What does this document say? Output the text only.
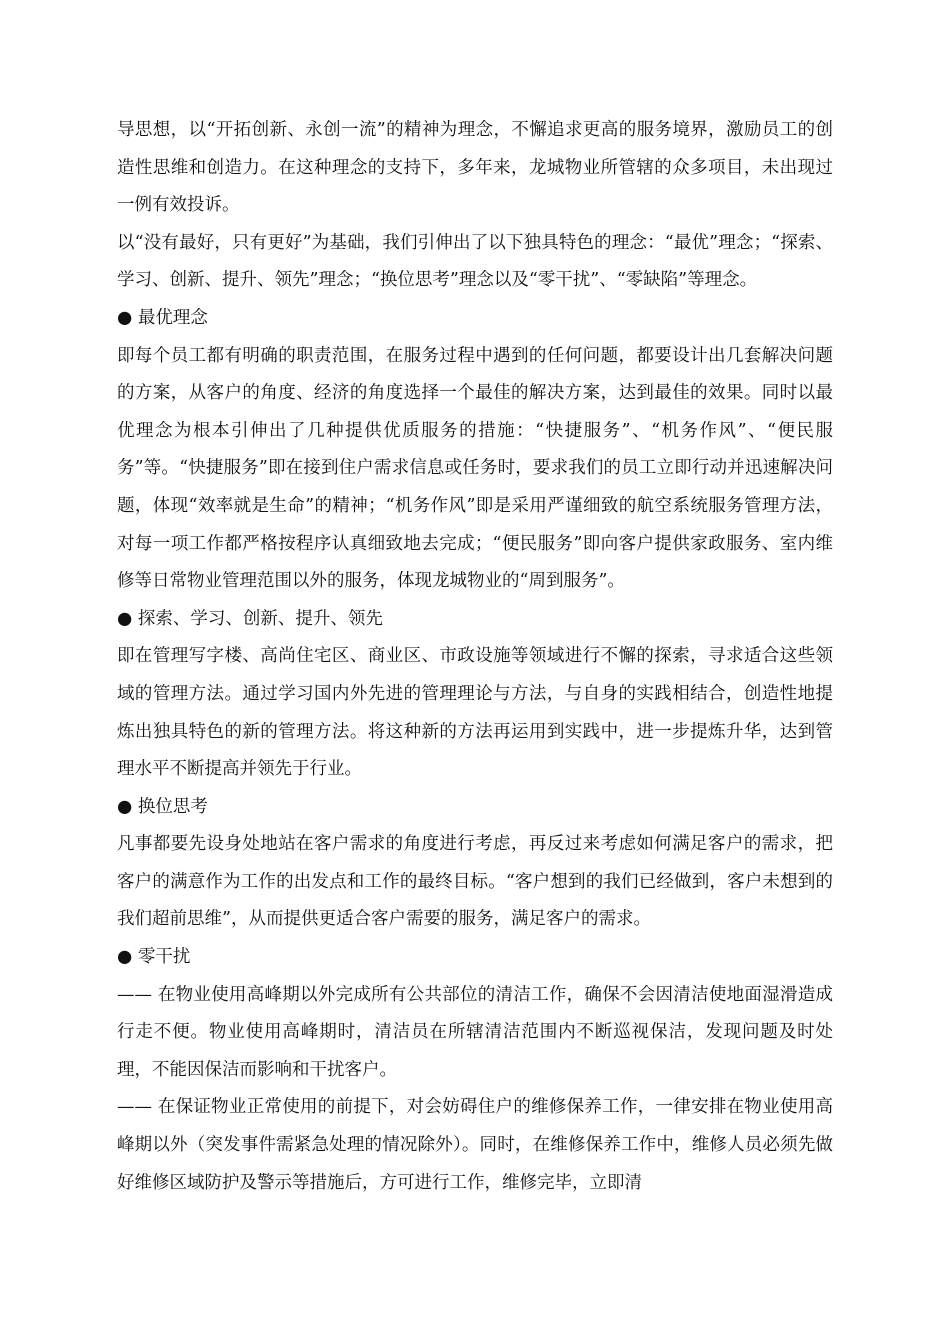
导思想，以“开拓创新、永创一流”的精神为理念，不懈追求更高的服务境界，激励员工的创造性思维和创造力。在这种理念的支持下，多年来，龙城物业所管辖的众多项目，未出现过一例有效投诉。

以“没有最好，只有更好”为基础，我们引伸出了以下独具特色的理念：“最优”理念；“探索、学习、创新、提升、领先”理念；“换位思考”理念以及“零干扰”、“零缺陷”等理念。

● 最优理念

即每个员工都有明确的职责范围，在服务过程中遇到的任何问题，都要设计出几套解决问题的方案，从客户的角度、经济的角度选择一个最佳的解决方案，达到最佳的效果。同时以最优理念为根本引伸出了几种提供优质服务的措施：“快捷服务”、“机务作风”、“便民服务”等。“快捷服务”即在接到住户需求信息或任务时，要求我们的员工立即行动并迅速解决问题，体现“效率就是生命”的精神；“机务作风”即是采用严谨细致的航空系统服务管理方法，对每一项工作都严格按程序认真细致地去完成；“便民服务”即向客户提供家政服务、室内维修等日常物业管理范围以外的服务，体现龙城物业的“周到服务”。

● 探索、学习、创新、提升、领先

即在管理写字楼、高尚住宅区、商业区、市政设施等领域进行不懈的探索，寻求适合这些领域的管理方法。通过学习国内外先进的管理理论与方法，与自身的实践相结合，创造性地提炼出独具特色的新的管理方法。将这种新的方法再运用到实践中，进一步提炼升华，达到管理水平不断提高并领先于行业。

● 换位思考

凡事都要先设身处地站在客户需求的角度进行考虑，再反过来考虑如何满足客户的需求，把客户的满意作为工作的出发点和工作的最终目标。“客户想到的我们已经做到，客户未想到的我们超前思维”，从而提供更适合客户需要的服务，满足客户的需求。

● 零干扰

—— 在物业使用高峰期以外完成所有公共部位的清洁工作，确保不会因清洁使地面湿滑造成行走不便。物业使用高峰期时，清洁员在所辖清洁范围内不断巡视保洁，发现问题及时处理，不能因保洁而影响和干扰客户。

—— 在保证物业正常使用的前提下，对会妨碍住户的维修保养工作，一律安排在物业使用高峰期以外（突发事件需紧急处理的情况除外）。同时，在维修保养工作中，维修人员必须先做好维修区域防护及警示等措施后，方可进行工作，维修完毕，立即清
